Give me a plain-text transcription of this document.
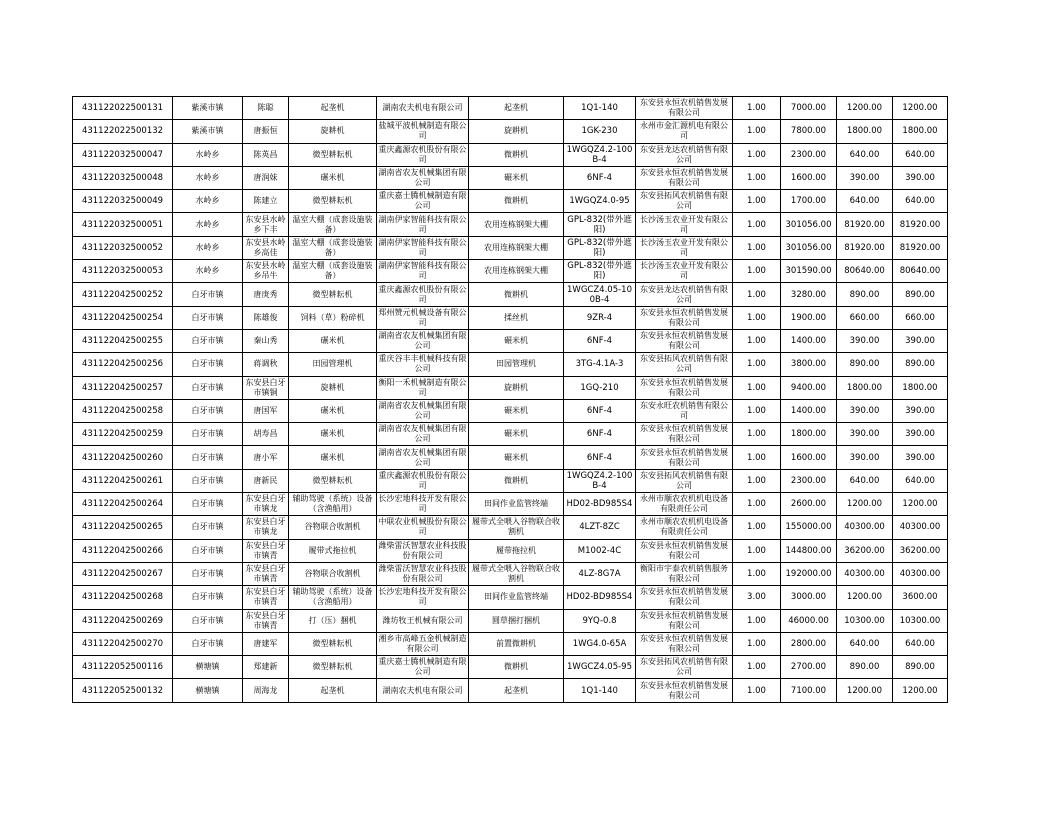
431122022500131	紫溪市镇	陈聪	起垄机	湖南农夫机电有限公司	起垄机	1Q1-140	东安县永恒农机销售发展有限公司	1.00	7000.00	1200.00	1200.00
431122022500132	紫溪市镇	唐振恒	旋耕机	盐城平波机械制造有限公司	旋耕机	1GK-230	永州市金汇源机电有限公司	1.00	7800.00	1800.00	1800.00
431122032500047	水岭乡	陈英昌	微型耕耘机	重庆鑫源农机股份有限公司	微耕机	1WGQZ4.2-100B-4	东安县龙达农机销售有限公司	1.00	2300.00	640.00	640.00
431122032500048	水岭乡	唐润妹	碾米机	湖南省农友机械集团有限公司	碾米机	6NF-4	东安县永恒农机销售发展有限公司	1.00	1600.00	390.00	390.00
431122032500049	水岭乡	陈建立	微型耕耘机	重庆嘉士腾机械制造有限公司	微耕机	1WGQZ4.0-95	东安县拓风农机销售有限公司	1.00	1700.00	640.00	640.00
431122032500051	水岭乡	东安县水岭乡下丰	温室大棚（成套设施装备）	湖南伊家智能科技有限公司	农用连栋钢架大棚	GPL-832(带外遮阳)	长沙汤玉农业开发有限公司	1.00	301056.00	81920.00	81920.00
431122032500052	水岭乡	东安县水岭乡高佳	温室大棚（成套设施装备）	湖南伊家智能科技有限公司	农用连栋钢架大棚	GPL-832(带外遮阳)	长沙汤玉农业开发有限公司	1.00	301056.00	81920.00	81920.00
431122032500053	水岭乡	东安县水岭乡吊牛	温室大棚（成套设施装备）	湖南伊家智能科技有限公司	农用连栋钢架大棚	GPL-832(带外遮阳)	长沙汤玉农业开发有限公司	1.00	301590.00	80640.00	80640.00
431122042500252	白牙市镇	唐庚秀	微型耕耘机	重庆鑫源农机股份有限公司	微耕机	1WGCZ4.05-100B-4	东安县龙达农机销售有限公司	1.00	3280.00	890.00	890.00
431122042500254	白牙市镇	陈雄俊	饲料（草）粉碎机	郑州赞元机械设备有限公司	揉丝机	9ZR-4	东安县永恒农机销售发展有限公司	1.00	1900.00	660.00	660.00
431122042500255	白牙市镇	秦山秀	碾米机	湖南省农友机械集团有限公司	碾米机	6NF-4	东安县永恒农机销售发展有限公司	1.00	1400.00	390.00	390.00
431122042500256	白牙市镇	蒋调秋	田园管理机	重庆谷丰丰机械科技有限公司	田园管理机	3TG-4.1A-3	东安县拓风农机销售有限公司	1.00	3800.00	890.00	890.00
431122042500257	白牙市镇	东安县白牙市镇铜	旋耕机	衡阳一禾机械制造有限公司	旋耕机	1GQ-210	东安县永恒农机销售发展有限公司	1.00	9400.00	1800.00	1800.00
431122042500258	白牙市镇	唐国军	碾米机	湖南省农友机械集团有限公司	碾米机	6NF-4	东安永旺农机销售有限公司	1.00	1400.00	390.00	390.00
431122042500259	白牙市镇	胡寿昌	碾米机	湖南省农友机械集团有限公司	碾米机	6NF-4	东安县永恒农机销售发展有限公司	1.00	1800.00	390.00	390.00
431122042500260	白牙市镇	唐小军	碾米机	湖南省农友机械集团有限公司	碾米机	6NF-4	东安县永恒农机销售发展有限公司	1.00	1600.00	390.00	390.00
431122042500261	白牙市镇	唐新民	微型耕耘机	重庆鑫源农机股份有限公司	微耕机	1WGQZ4.2-100B-4	东安县拓风农机销售有限公司	1.00	2300.00	640.00	640.00
431122042500264	白牙市镇	东安县白牙市镇龙	辅助驾驶（系统）设备（含渔船用）	长沙宏地科技开发有限公司	田间作业监管终端	HD02-BD985S4	永州市顺农农机机电设备有限责任公司	1.00	2600.00	1200.00	1200.00
431122042500265	白牙市镇	东安县白牙市镇龙	谷物联合收割机	中联农业机械股份有限公司	履带式全喂入谷物联合收割机	4LZT-8ZC	永州市顺农农机机电设备有限责任公司	1.00	155000.00	40300.00	40300.00
431122042500266	白牙市镇	东安县白牙市镇青	履带式拖拉机	潍柴雷沃智慧农业科技股份有限公司	履带拖拉机	M1002-4C	东安县永恒农机销售发展有限公司	1.00	144800.00	36200.00	36200.00
431122042500267	白牙市镇	东安县白牙市镇青	谷物联合收割机	潍柴雷沃智慧农业科技股份有限公司	履带式全喂入谷物联合收割机	4LZ-8G7A	衡阳市宇泰农机销售服务有限公司	1.00	192000.00	40300.00	40300.00
431122042500268	白牙市镇	东安县白牙市镇青	辅助驾驶（系统）设备（含渔船用）	长沙宏地科技开发有限公司	田间作业监管终端	HD02-BD985S4	东安县永恒农机销售发展有限公司	3.00	3000.00	1200.00	3600.00
431122042500269	白牙市镇	东安县白牙市镇青	打（压）捆机	潍坊牧王机械有限公司	圆草捆打捆机	9YQ-0.8	东安县永恒农机销售发展有限公司	1.00	46000.00	10300.00	10300.00
431122042500270	白牙市镇	唐建军	微型耕耘机	湘乡市高峰五金机械制造有限公司	前置微耕机	1WG4.0-65A	东安县永恒农机销售发展有限公司	1.00	2800.00	640.00	640.00
431122052500116	横塘镇	郑建新	微型耕耘机	重庆嘉士腾机械制造有限公司	微耕机	1WGCZ4.05-95	东安县拓风农机销售有限公司	1.00	2700.00	890.00	890.00
431122052500132	横塘镇	周海龙	起垄机	湖南农夫机电有限公司	起垄机	1Q1-140	东安县永恒农机销售发展有限公司	1.00	7100.00	1200.00	1200.00
